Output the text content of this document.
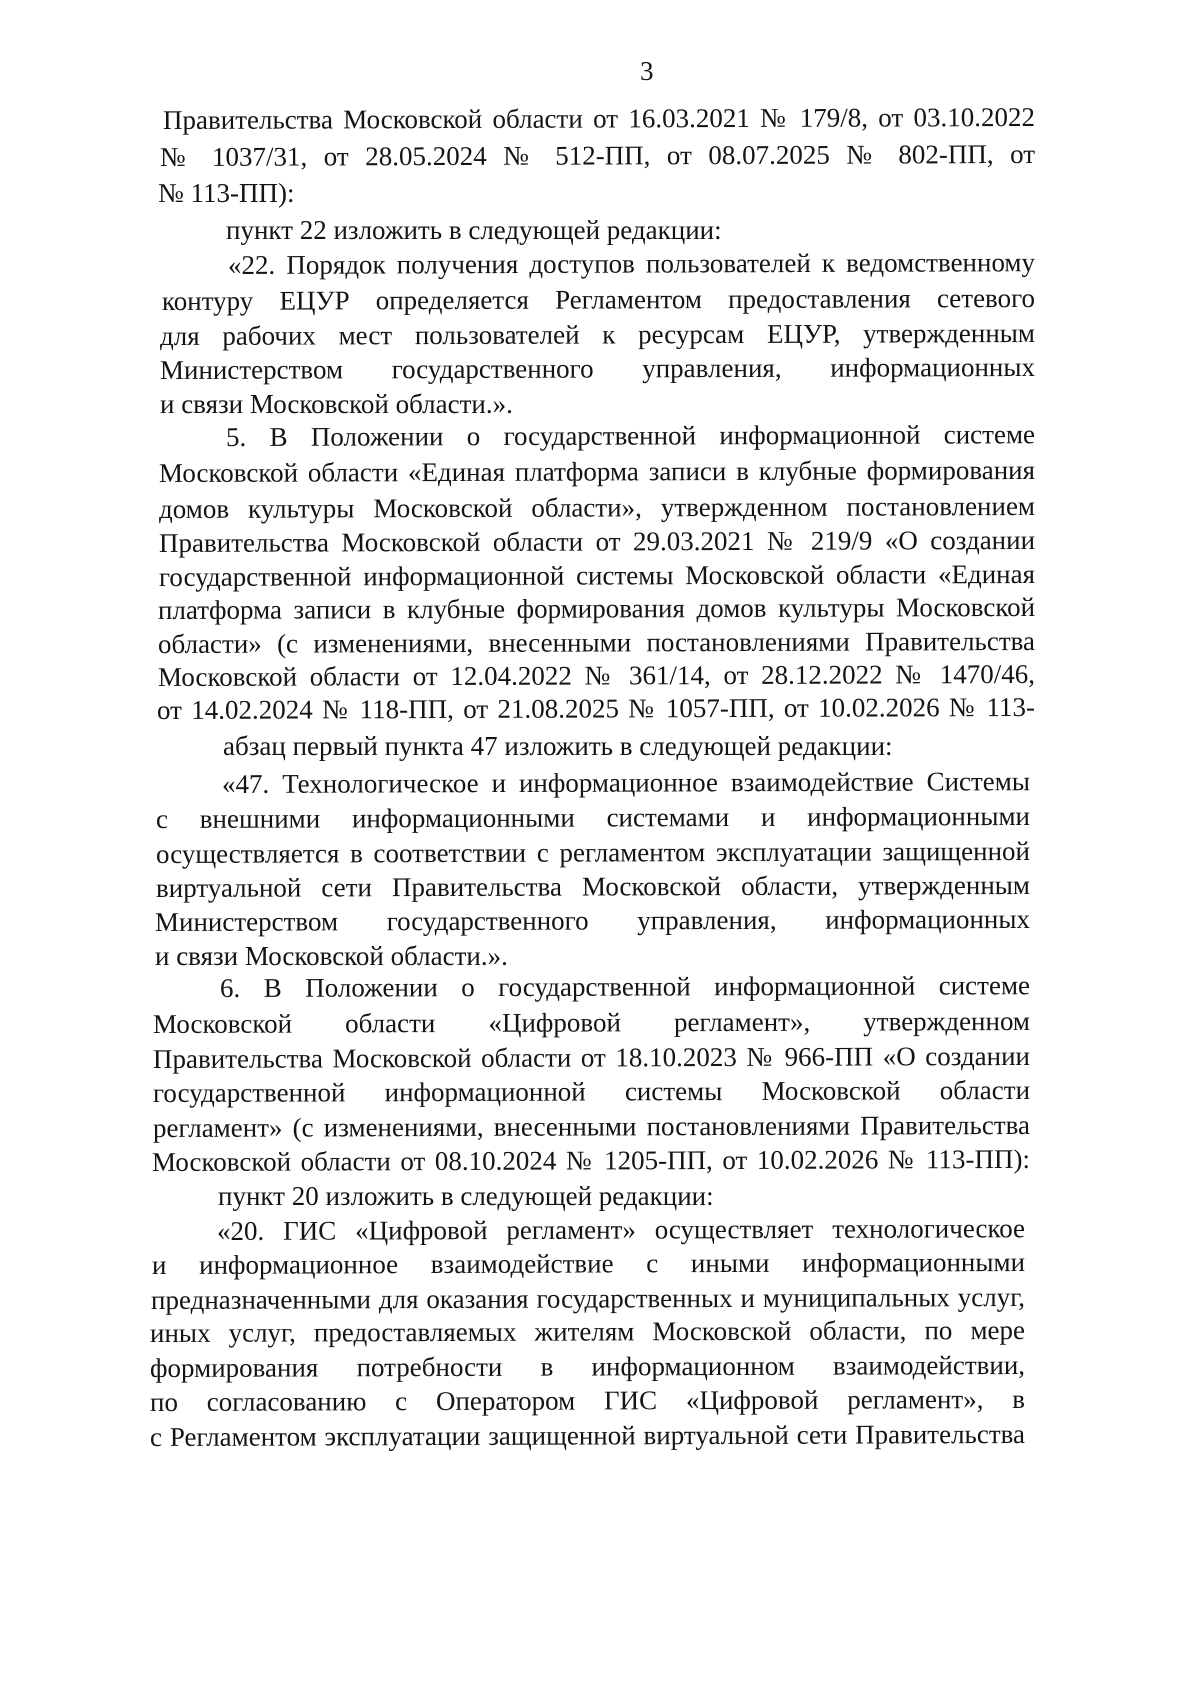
3
Правительства Московской области от 16.03.2021 № 179/8, от 03.10.2022
№ 1037/31, от 28.05.2024 № 512-ПП, от 08.07.2025 № 802-ПП, от
№ 113-ПП):
пункт 22 изложить в следующей редакции:
«22. Порядок получения доступов пользователей к ведомственному
контуру ЕЦУР определяется Регламентом предоставления сетевого
для рабочих мест пользователей к ресурсам ЕЦУР, утвержденным
Министерством государственного управления, информационных
и связи Московской области.».
5. В Положении о государственной информационной системе
Московской области «Единая платформа записи в клубные формирования
домов культуры Московской области», утвержденном постановлением
Правительства Московской области от 29.03.2021 № 219/9 «О создании
государственной информационной системы Московской области «Единая
платформа записи в клубные формирования домов культуры Московской
области» (с изменениями, внесенными постановлениями Правительства
Московской области от 12.04.2022 № 361/14, от 28.12.2022 № 1470/46,
от 14.02.2024 № 118-ПП, от 21.08.2025 № 1057-ПП, от 10.02.2026 № 113-ПП): абзац первый пункта 47 изложить в следующей редакции:
«47. Технологическое и информационное взаимодействие Системы
с внешними информационными системами и информационными
осуществляется в соответствии с регламентом эксплуатации защищенной
виртуальной сети Правительства Московской области, утвержденным
Министерством государственного управления, информационных
и связи Московской области.».
6. В Положении о государственной информационной системе
Московской области «Цифровой регламент», утвержденном
Правительства Московской области от 18.10.2023 № 966-ПП «О создании
государственной информационной системы Московской области
регламент» (с изменениями, внесенными постановлениями Правительства
Московской области от 08.10.2024 № 1205-ПП, от 10.02.2026 № 113-ПП):
пункт 20 изложить в следующей редакции:
«20. ГИС «Цифровой регламент» осуществляет технологическое
и информационное взаимодействие с иными информационными
предназначенными для оказания государственных и муниципальных услуг,
иных услуг, предоставляемых жителям Московской области, по мере
формирования потребности в информационном взаимодействии,
по согласованию с Оператором ГИС «Цифровой регламент», в
с Регламентом эксплуатации защищенной виртуальной сети Правительства
